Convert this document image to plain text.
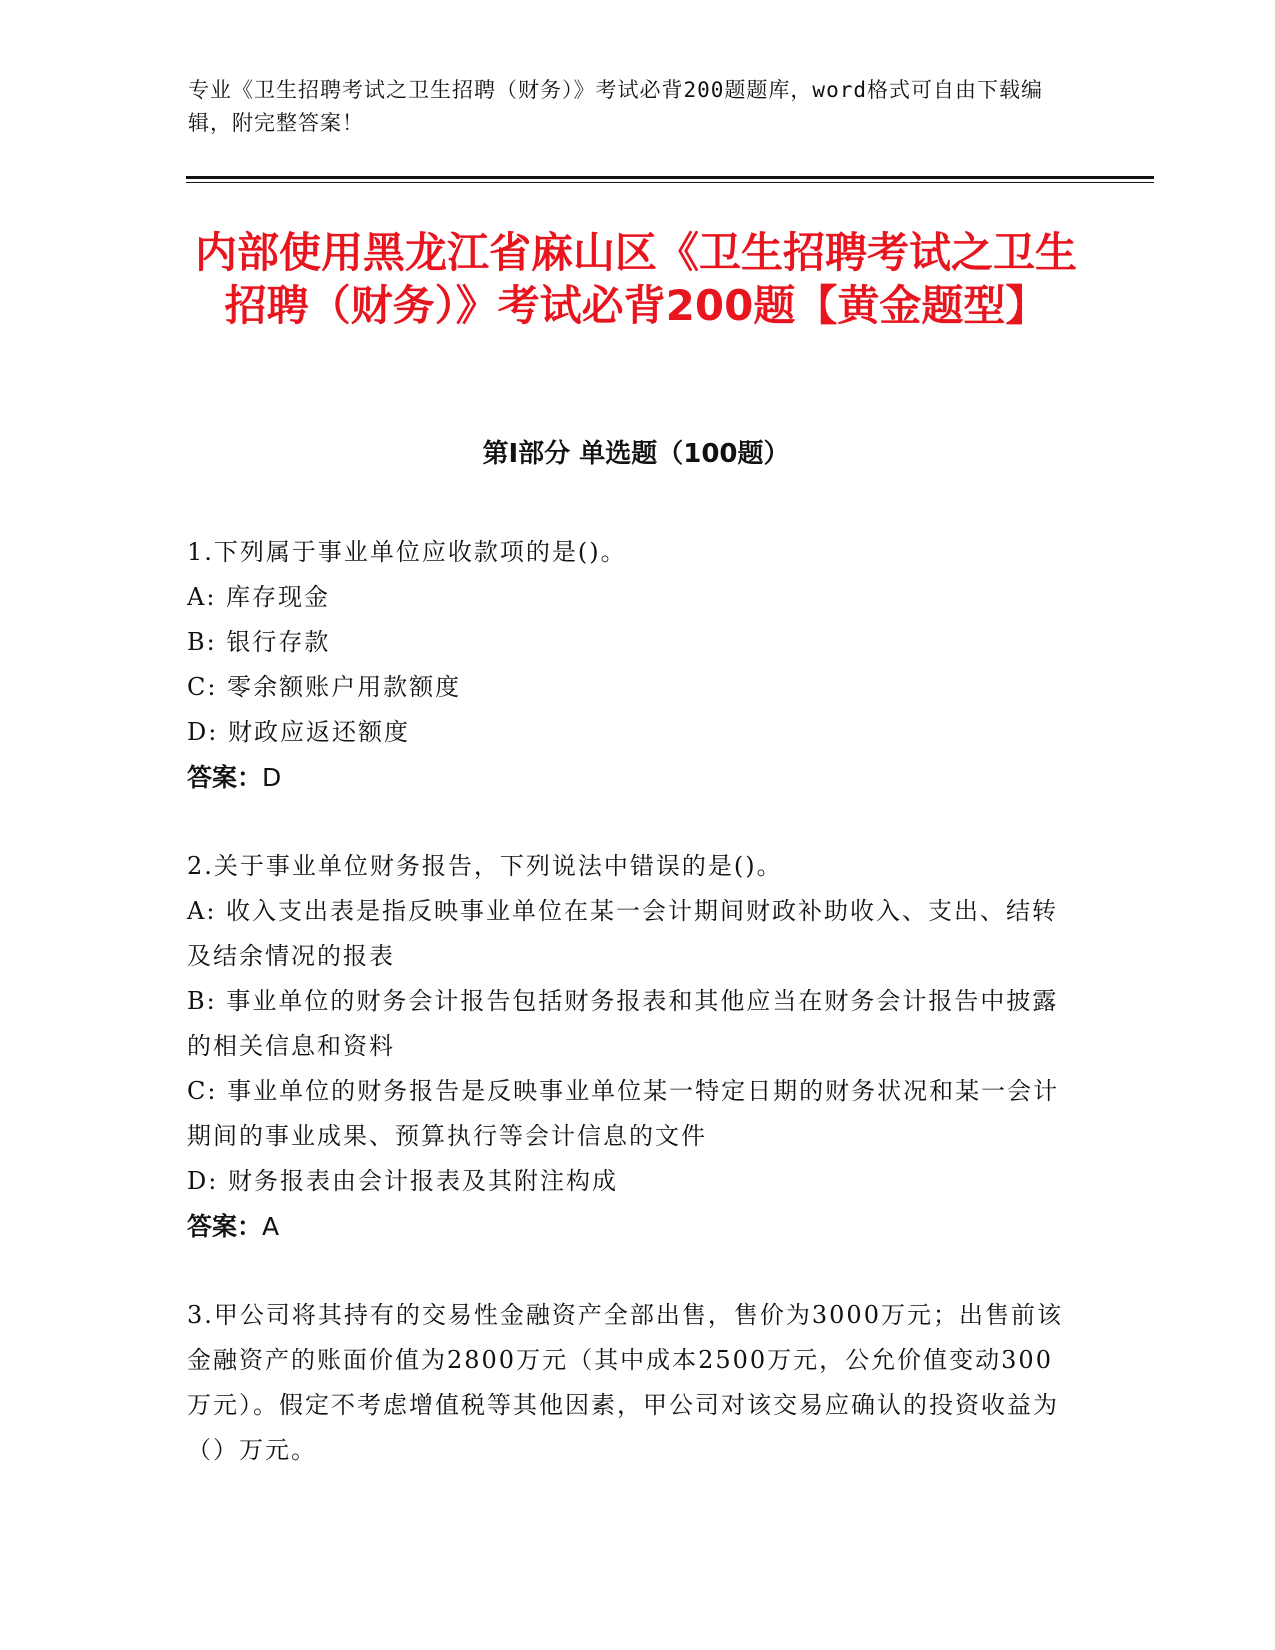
专业《卫生招聘考试之卫生招聘（财务）》考试必背200题题库，word格式可自由下载编辑，附完整答案！
内部使用黑龙江省麻山区《卫生招聘考试之卫生招聘（财务）》考试必背200题【黄金题型】
第Ⅰ部分 单选题（100题）
1.下列属于事业单位应收款项的是()。
A: 库存现金
B: 银行存款
C: 零余额账户用款额度
D: 财政应返还额度
答案：D
2.关于事业单位财务报告，下列说法中错误的是()。
A: 收入支出表是指反映事业单位在某一会计期间财政补助收入、支出、结转及结余情况的报表
B: 事业单位的财务会计报告包括财务报表和其他应当在财务会计报告中披露的相关信息和资料
C: 事业单位的财务报告是反映事业单位某一特定日期的财务状况和某一会计期间的事业成果、预算执行等会计信息的文件
D: 财务报表由会计报表及其附注构成
答案：A
3.甲公司将其持有的交易性金融资产全部出售，售价为3000万元；出售前该金融资产的账面价值为2800万元（其中成本2500万元，公允价值变动300万元）。假定不考虑增值税等其他因素，甲公司对该交易应确认的投资收益为（）万元。
